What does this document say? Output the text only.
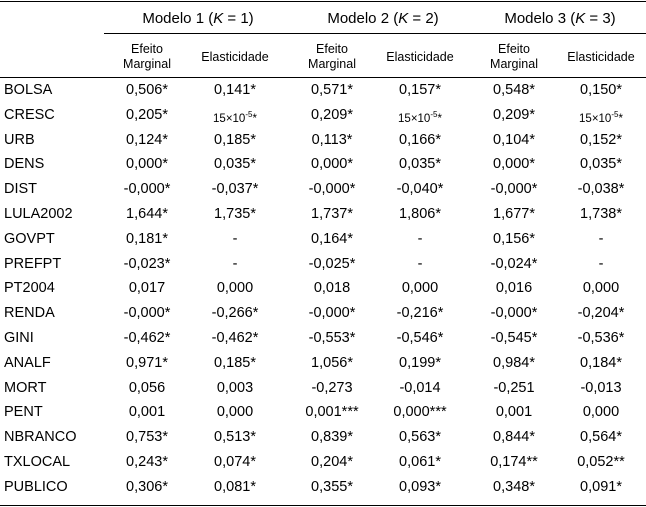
Modelo 1 (K = 1)	Modelo 2 (K = 2)	Modelo 3 (K = 3)
Efeito
Marginal	Elasticidade
Efeito
Marginal	Elasticidade
Efeito
Marginal	Elasticidade
BOLSA	0,506*	0,141*	0,571*	0,157*	0,548*	0,150*
CRESC	0,205*	$15\times 10^{-5}*$	0,209*	$15\times 10^{-5}*$	0,209*	$15\times 10^{-5}*$
URB	0,124*	0,185*	0,113*	0,166*	0,104*	0,152*
DENS	0,000*	0,035*	0,000*	0,035*	0,000*	0,035*
DIST	-0,000*	-0,037*	-0,000*	-0,040*	-0,000*	-0,038*
LULA2002	1,644*	1,735*	1,737*	1,806*	1,677*	1,738*
GOVPT	0,181*	-	0,164*	-	0,156*	-
PREFPT	-0,023*	-	-0,025*	-	-0,024*	-
PT2004	0,017	0,000	0,018	0,000	0,016	0,000
RENDA	-0,000*	-0,266*	-0,000*	-0,216*	-0,000*	-0,204*
GINI	-0,462*	-0,462*	-0,553*	-0,546*	-0,545*	-0,536*
ANALF	0,971*	0,185*	1,056*	0,199*	0,984*	0,184*
MORT	0,056	0,003	-0,273	-0,014	-0,251	-0,013
PENT	0,001	0,000	0,001***	0,000***	0,001	0,000
NBRANCO	0,753*	0,513*	0,839*	0,563*	0,844*	0,564*
TXLOCAL	0,243*	0,074*	0,204*	0,061*	0,174**	0,052**
PUBLICO	0,306*	0,081*	0,355*	0,093*	0,348*	0,091*
